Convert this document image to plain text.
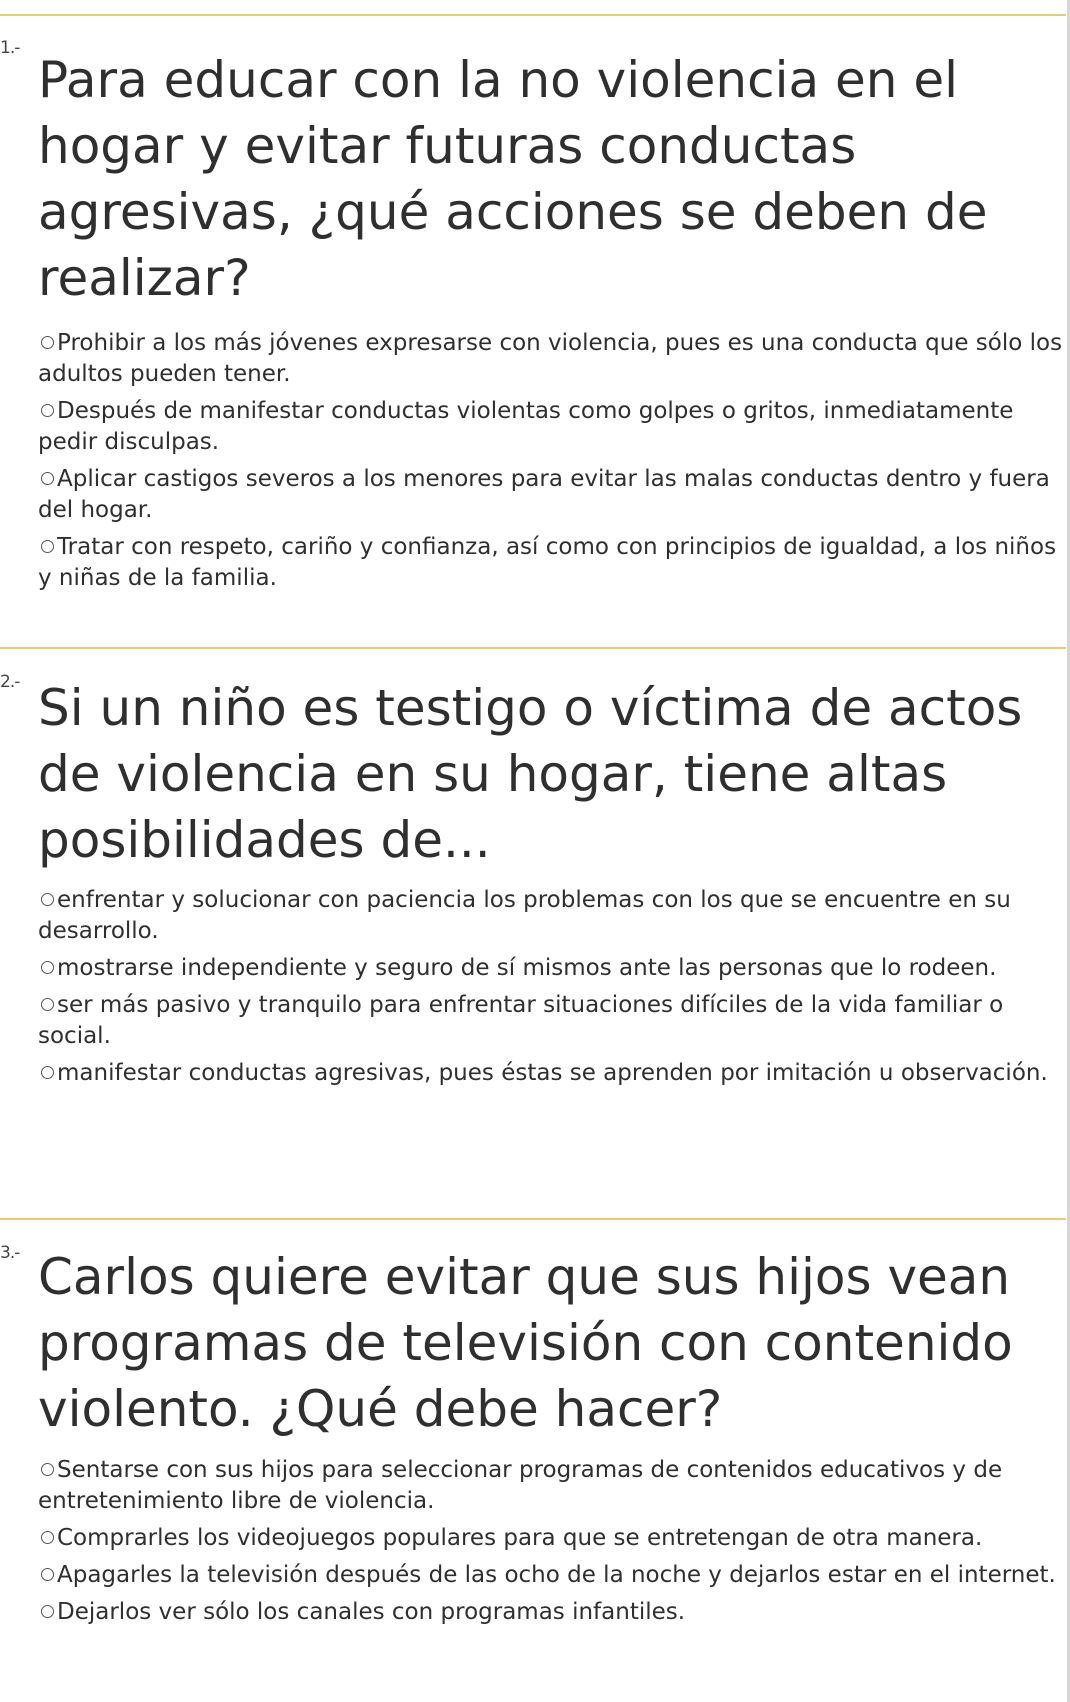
1.-
Para educar con la no violencia en el hogar y evitar futuras conductas agresivas, ¿qué acciones se deben de realizar?
Prohibir a los más jóvenes expresarse con violencia, pues es una conducta que sólo los adultos pueden tener.
Después de manifestar conductas violentas como golpes o gritos, inmediatamente pedir disculpas.
Aplicar castigos severos a los menores para evitar las malas conductas dentro y fuera del hogar.
Tratar con respeto, cariño y confianza, así como con principios de igualdad, a los niños y niñas de la familia.
2.- Si un niño es testigo o víctima de actos de violencia en su hogar, tiene altas posibilidades de...
enfrentar y solucionar con paciencia los problemas con los que se encuentre en su desarrollo.
mostrarse independiente y seguro de sí mismos ante las personas que lo rodeen.
ser más pasivo y tranquilo para enfrentar situaciones difíciles de la vida familiar o social.
manifestar conductas agresivas, pues éstas se aprenden por imitación u observación.
3.- Carlos quiere evitar que sus hijos vean programas de televisión con contenido violento. ¿Qué debe hacer?
Sentarse con sus hijos para seleccionar programas de contenidos educativos y de entretenimiento libre de violencia.
Comprarles los videojuegos populares para que se entretengan de otra manera.
Apagarles la televisión después de las ocho de la noche y dejarlos estar en el internet.
Dejarlos ver sólo los canales con programas infantiles.
